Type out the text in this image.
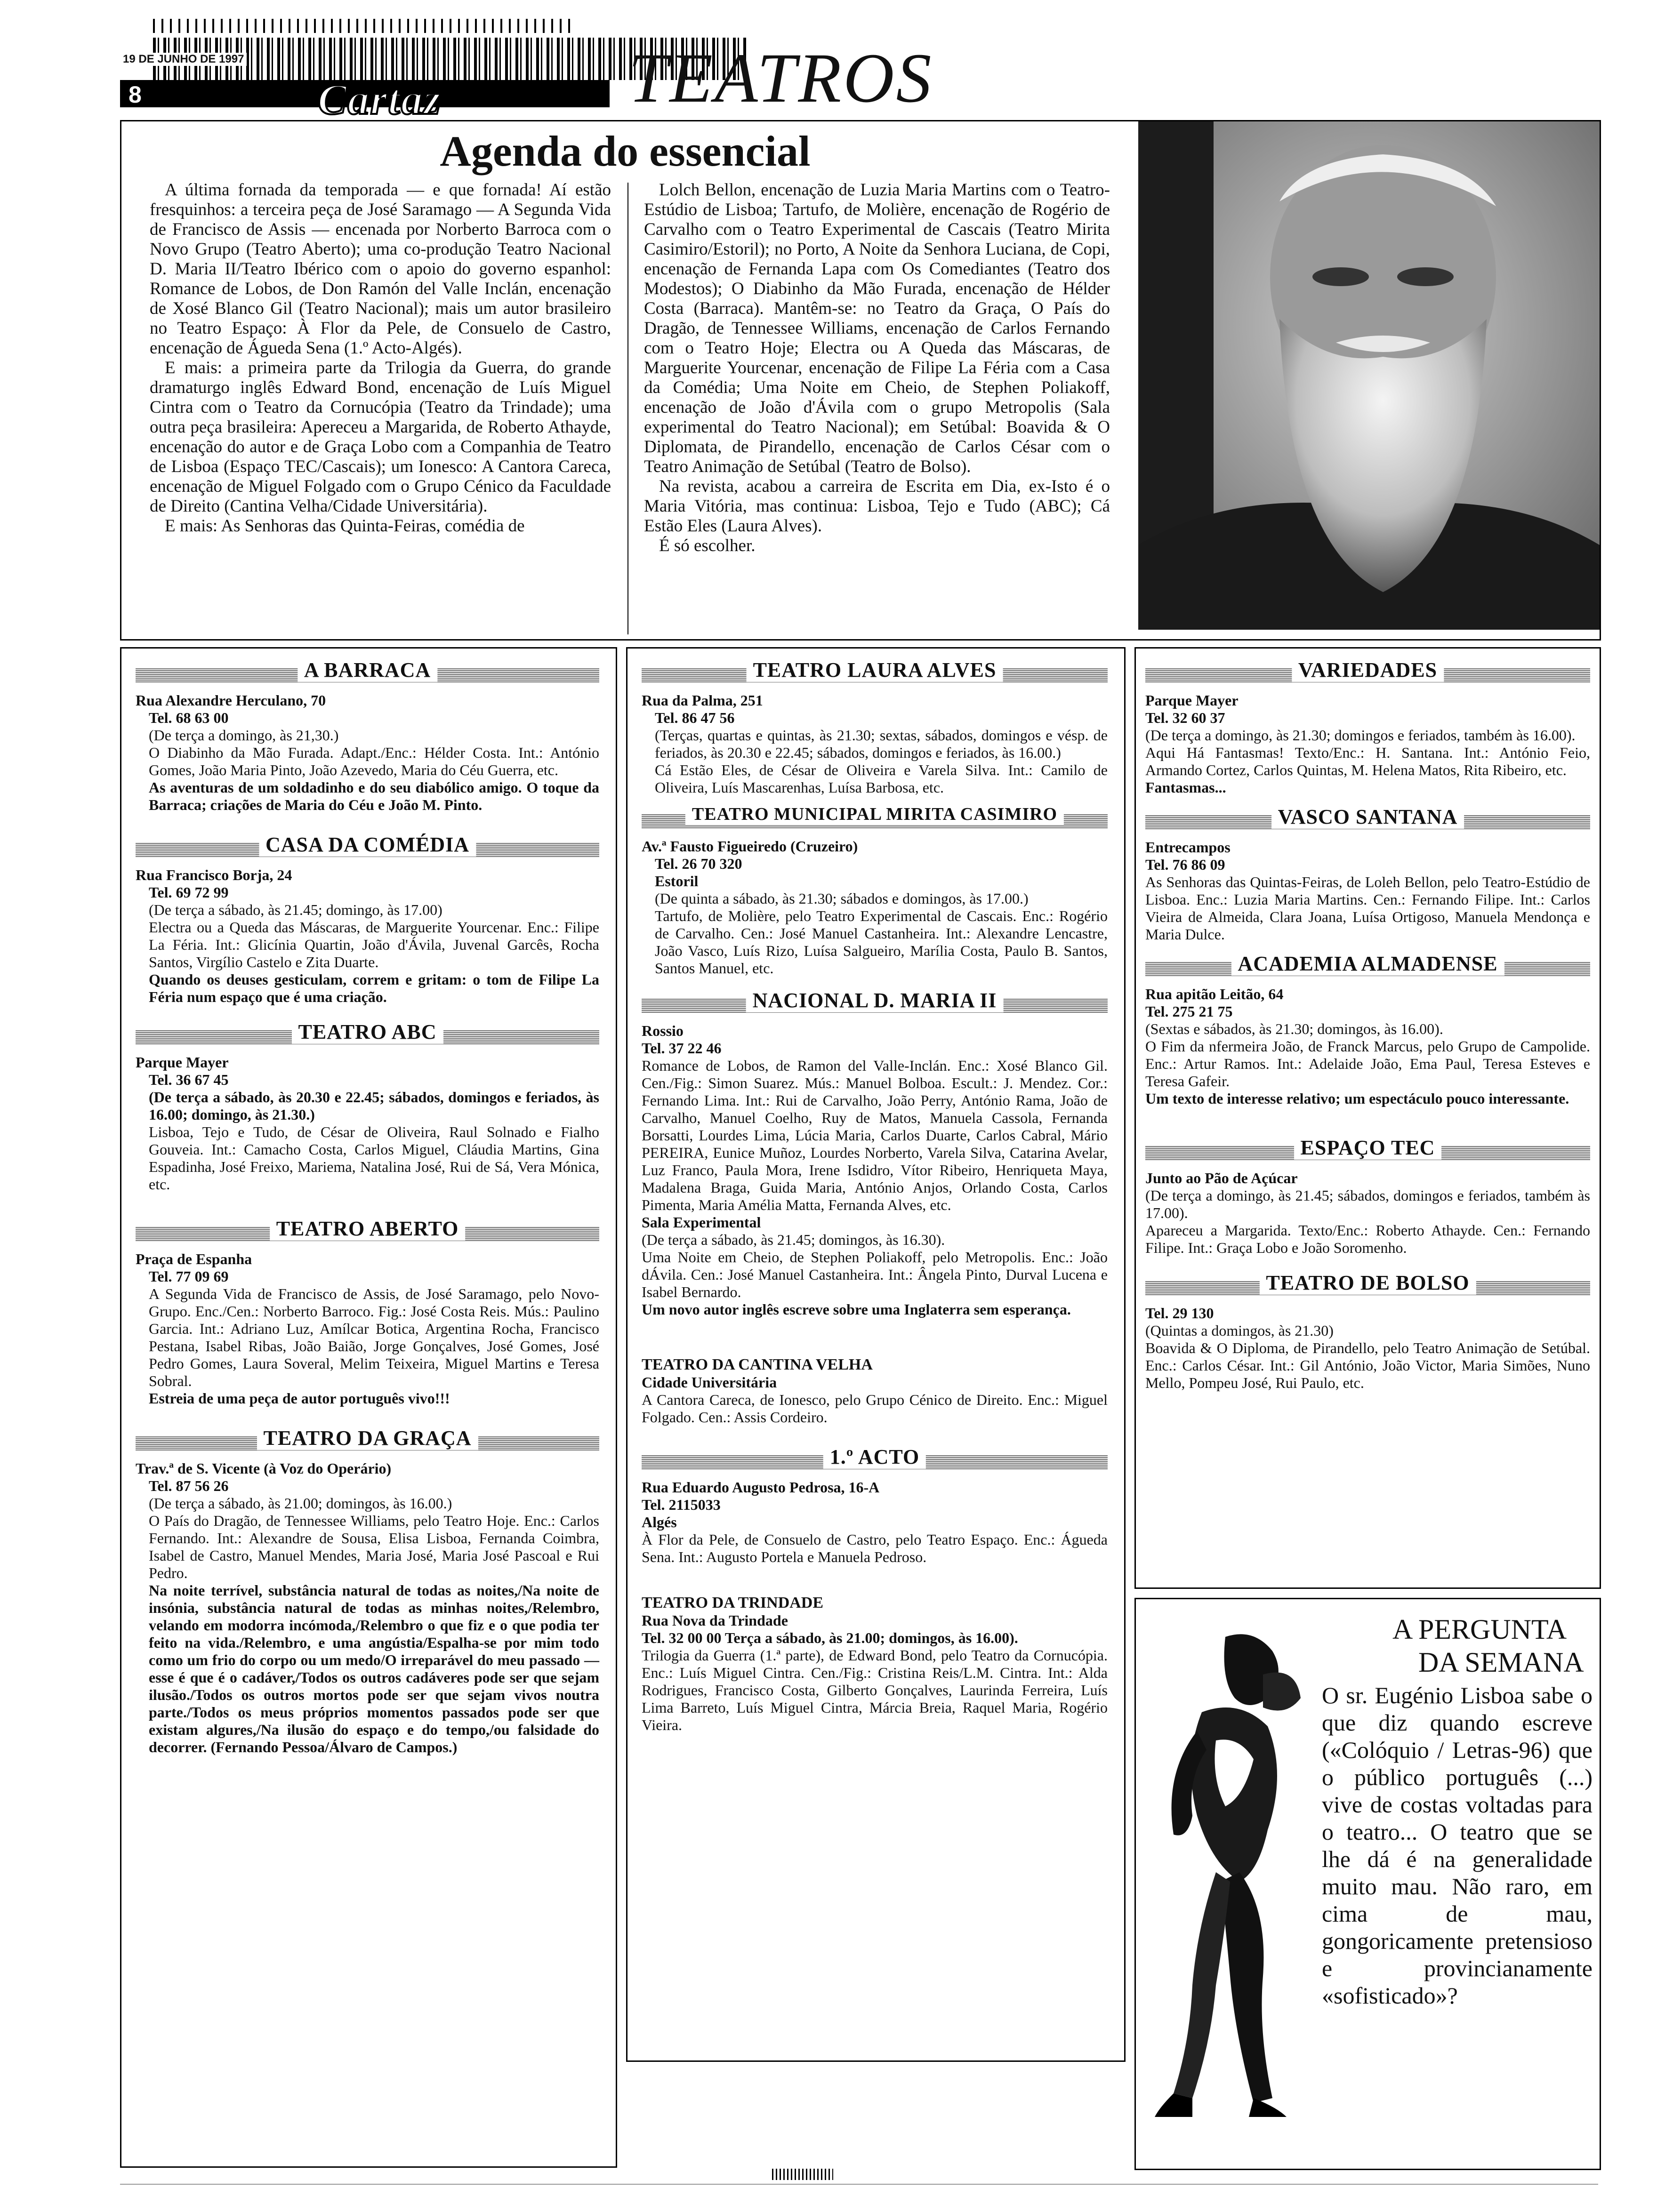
19 DE JUNHO DE 1997
8	Cartaz	TEATROS
Agenda do essencial

A última fornada da temporada — e que fornada! Aí estão fresquinhos: a terceira peça de José Saramago — A Segunda Vida de Francisco de Assis — encenada por Norberto Barroca com o Novo Grupo (Teatro Aberto); uma co-produção Teatro Nacional D. Maria II/Teatro Ibérico com o apoio do governo espanhol: Romance de Lobos, de Don Ramón del Valle Inclán, encenação de Xosé Blanco Gil (Teatro Nacional); mais um autor brasileiro no Teatro Espaço: À Flor da Pele, de Consuelo de Castro, encenação de Águeda Sena (1.º Acto-Algés).

E mais: a primeira parte da Trilogia da Guerra, do grande dramaturgo inglês Edward Bond, encenação de Luís Miguel Cintra com o Teatro da Cornucópia (Teatro da Trindade); uma outra peça brasileira: Apereceu a Margarida, de Roberto Athayde, encenação do autor e de Graça Lobo com a Companhia de Teatro de Lisboa (Espaço TEC/Cascais); um Ionesco: A Cantora Careca, encenação de Miguel Folgado com o Grupo Cénico da Faculdade de Direito (Cantina Velha/Cidade Universitária).

E mais: As Senhoras das Quinta-Feiras, comédia de

Lolch Bellon, encenação de Luzia Maria Martins com o Teatro-Estúdio de Lisboa; Tartufo, de Molière, encenação de Rogério de Carvalho com o Teatro Experimental de Cascais (Teatro Mirita Casimiro/Estoril); no Porto, A Noite da Senhora Luciana, de Copi, encenação de Fernanda Lapa com Os Comediantes (Teatro dos Modestos); O Diabinho da Mão Furada, encenação de Hélder Costa (Barraca). Mantêm-se: no Teatro da Graça, O País do Dragão, de Tennessee Williams, encenação de Carlos Fernando com o Teatro Hoje; Electra ou A Queda das Máscaras, de Marguerite Yourcenar, encenação de Filipe La Féria com a Casa da Comédia; Uma Noite em Cheio, de Stephen Poliakoff, encenação de João d'Ávila com o grupo Metropolis (Sala experimental do Teatro Nacional); em Setúbal: Boavida & O Diplomata, de Pirandello, encenação de Carlos César com o Teatro Animação de Setúbal (Teatro de Bolso).

Na revista, acabou a carreira de Escrita em Dia, ex-Isto é o Maria Vitória, mas continua: Lisboa, Tejo e Tudo (ABC); Cá Estão Eles (Laura Alves).

É só escolher.

A BARRACA

Rua Alexandre Herculano, 70

Tel. 68 63 00

(De terça a domingo, às 21,30.)

O Diabinho da Mão Furada. Adapt./Enc.: Hélder Costa. Int.: António Gomes, João Maria Pinto, João Azevedo, Maria do Céu Guerra, etc.

As aventuras de um soldadinho e do seu diabólico amigo. O toque da Barraca; criações de Maria do Céu e João M. Pinto.

CASA DA COMÉDIA

Rua Francisco Borja, 24

Tel. 69 72 99

(De terça a sábado, às 21.45; domingo, às 17.00)

Electra ou a Queda das Máscaras, de Marguerite Yourcenar. Enc.: Filipe La Féria. Int.: Glicínia Quartin, João d'Ávila, Juvenal Garcês, Rocha Santos, Virgílio Castelo e Zita Duarte.

Quando os deuses gesticulam, correm e gritam: o tom de Filipe La Féria num espaço que é uma criação.

TEATRO ABC

Parque Mayer

Tel. 36 67 45

(De terça a sábado, às 20.30 e 22.45; sábados, domingos e feriados, às 16.00; domingo, às 21.30.)

Lisboa, Tejo e Tudo, de César de Oliveira, Raul Solnado e Fialho Gouveia. Int.: Camacho Costa, Carlos Miguel, Cláudia Martins, Gina Espadinha, José Freixo, Mariema, Natalina José, Rui de Sá, Vera Mónica, etc.

TEATRO ABERTO

Praça de Espanha

Tel. 77 09 69

A Segunda Vida de Francisco de Assis, de José Saramago, pelo Novo-Grupo. Enc./Cen.: Norberto Barroco. Fig.: José Costa Reis. Mús.: Paulino Garcia. Int.: Adriano Luz, Amílcar Botica, Argentina Rocha, Francisco Pestana, Isabel Ribas, João Baião, Jorge Gonçalves, José Gomes, José Pedro Gomes, Laura Soveral, Melim Teixeira, Miguel Martins e Teresa Sobral.

Estreia de uma peça de autor português vivo!!!

TEATRO DA GRAÇA

Trav.ª de S. Vicente (à Voz do Operário)

Tel. 87 56 26

(De terça a sábado, às 21.00; domingos, às 16.00.)

O País do Dragão, de Tennessee Williams, pelo Teatro Hoje. Enc.: Carlos Fernando. Int.: Alexandre de Sousa, Elisa Lisboa, Fernanda Coimbra, Isabel de Castro, Manuel Mendes, Maria José, Maria José Pascoal e Rui Pedro.

Na noite terrível, substância natural de todas as noites,/Na noite de insónia, substância natural de todas as minhas noites,/Relembro, velando em modorra incómoda,/Relembro o que fiz e o que podia ter feito na vida./Relembro, e uma angústia/Espalha-se por mim todo como um frio do corpo ou um medo/O irreparável do meu passado — esse é que é o cadáver,/Todos os outros cadáveres pode ser que sejam ilusão./Todos os outros mortos pode ser que sejam vivos noutra parte./Todos os meus próprios momentos passados pode ser que existam algures,/Na ilusão do espaço e do tempo,/ou falsidade do decorrer. (Fernando Pessoa/Álvaro de Campos.)

TEATRO LAURA ALVES

Rua da Palma, 251

Tel. 86 47 56

(Terças, quartas e quintas, às 21.30; sextas, sábados, domingos e vésp. de feriados, às 20.30 e 22.45; sábados, domingos e feriados, às 16.00.)

Cá Estão Eles, de César de Oliveira e Varela Silva. Int.: Camilo de Oliveira, Luís Mascarenhas, Luísa Barbosa, etc.

TEATRO MUNICIPAL MIRITA CASIMIRO

Av.ª Fausto Figueiredo (Cruzeiro)

Tel. 26 70 320

Estoril

(De quinta a sábado, às 21.30; sábados e domingos, às 17.00.)

Tartufo, de Molière, pelo Teatro Experimental de Cascais. Enc.: Rogério de Carvalho. Cen.: José Manuel Castanheira. Int.: Alexandre Lencastre, João Vasco, Luís Rizo, Luísa Salgueiro, Marília Costa, Paulo B. Santos, Santos Manuel, etc.

NACIONAL D. MARIA II

Rossio

Tel. 37 22 46

Romance de Lobos, de Ramon del Valle-Inclán. Enc.: Xosé Blanco Gil. Cen./Fig.: Simon Suarez. Mús.: Manuel Bolboa. Escult.: J. Mendez. Cor.: Fernando Lima. Int.: Rui de Carvalho, João Perry, António Rama, João de Carvalho, Manuel Coelho, Ruy de Matos, Manuela Cassola, Fernanda Borsatti, Lourdes Lima, Lúcia Maria, Carlos Duarte, Carlos Cabral, Mário PEREIRA, Eunice Muñoz, Lourdes Norberto, Varela Silva, Catarina Avelar, Luz Franco, Paula Mora, Irene Isdidro, Vítor Ribeiro, Henriqueta Maya, Madalena Braga, Guida Maria, António Anjos, Orlando Costa, Carlos Pimenta, Maria Amélia Matta, Fernanda Alves, etc.

Sala Experimental

(De terça a sábado, às 21.45; domingos, às 16.30).

Uma Noite em Cheio, de Stephen Poliakoff, pelo Metropolis. Enc.: João dÁvila. Cen.: José Manuel Castanheira. Int.: Ângela Pinto, Durval Lucena e Isabel Bernardo.

Um novo autor inglês escreve sobre uma Inglaterra sem esperança.

TEATRO DA CANTINA VELHA

Cidade Universitária

A Cantora Careca, de Ionesco, pelo Grupo Cénico de Direito. Enc.: Miguel Folgado. Cen.: Assis Cordeiro.

1.º ACTO

Rua Eduardo Augusto Pedrosa, 16-A

Tel. 2115033

Algés

À Flor da Pele, de Consuelo de Castro, pelo Teatro Espaço. Enc.: Águeda Sena. Int.: Augusto Portela e Manuela Pedroso.

TEATRO DA TRINDADE

Rua Nova da Trindade

Tel. 32 00 00 Terça a sábado, às 21.00; domingos, às 16.00).

Trilogia da Guerra (1.ª parte), de Edward Bond, pelo Teatro da Cornucópia. Enc.: Luís Miguel Cintra. Cen./Fig.: Cristina Reis/L.M. Cintra. Int.: Alda Rodrigues, Francisco Costa, Gilberto Gonçalves, Laurinda Ferreira, Luís Lima Barreto, Luís Miguel Cintra, Márcia Breia, Raquel Maria, Rogério Vieira.

VARIEDADES

Parque Mayer

Tel. 32 60 37

(De terça a domingo, às 21.30; domingos e feriados, também às 16.00).

Aqui Há Fantasmas! Texto/Enc.: H. Santana. Int.: António Feio, Armando Cortez, Carlos Quintas, M. Helena Matos, Rita Ribeiro, etc.

Fantasmas...

VASCO SANTANA

Entrecampos

Tel. 76 86 09

As Senhoras das Quintas-Feiras, de Loleh Bellon, pelo Teatro-Estúdio de Lisboa. Enc.: Luzia Maria Martins. Cen.: Fernando Filipe. Int.: Carlos Vieira de Almeida, Clara Joana, Luísa Ortigoso, Manuela Mendonça e Maria Dulce.

ACADEMIA ALMADENSE

Rua apitão Leitão, 64

Tel. 275 21 75

(Sextas e sábados, às 21.30; domingos, às 16.00).

O Fim da nfermeira João, de Franck Marcus, pelo Grupo de Campolide. Enc.: Artur Ramos. Int.: Adelaide João, Ema Paul, Teresa Esteves e Teresa Gafeir.

Um texto de interesse relativo; um espectáculo pouco interessante.

ESPAÇO TEC

Junto ao Pão de Açúcar

(De terça a domingo, às 21.45; sábados, domingos e feriados, também às 17.00).

Apareceu a Margarida. Texto/Enc.: Roberto Athayde. Cen.: Fernando Filipe. Int.: Graça Lobo e João Soromenho.

TEATRO DE BOLSO

Tel. 29 130

(Quintas a domingos, às 21.30)

Boavida & O Diploma, de Pirandello, pelo Teatro Animação de Setúbal. Enc.: Carlos César. Int.: Gil António, João Victor, Maria Simões, Nuno Mello, Pompeu José, Rui Paulo, etc.

A PERGUNTA
DA SEMANA
O sr. Eugénio Lisboa sabe o que diz quando escreve («Colóquio / Letras-96) que o público português (...) vive de costas voltadas para o teatro... O teatro que se lhe dá é na generalidade muito mau. Não raro, em cima de mau, gongoricamente pretensioso e provincianamente «sofisticado»?
